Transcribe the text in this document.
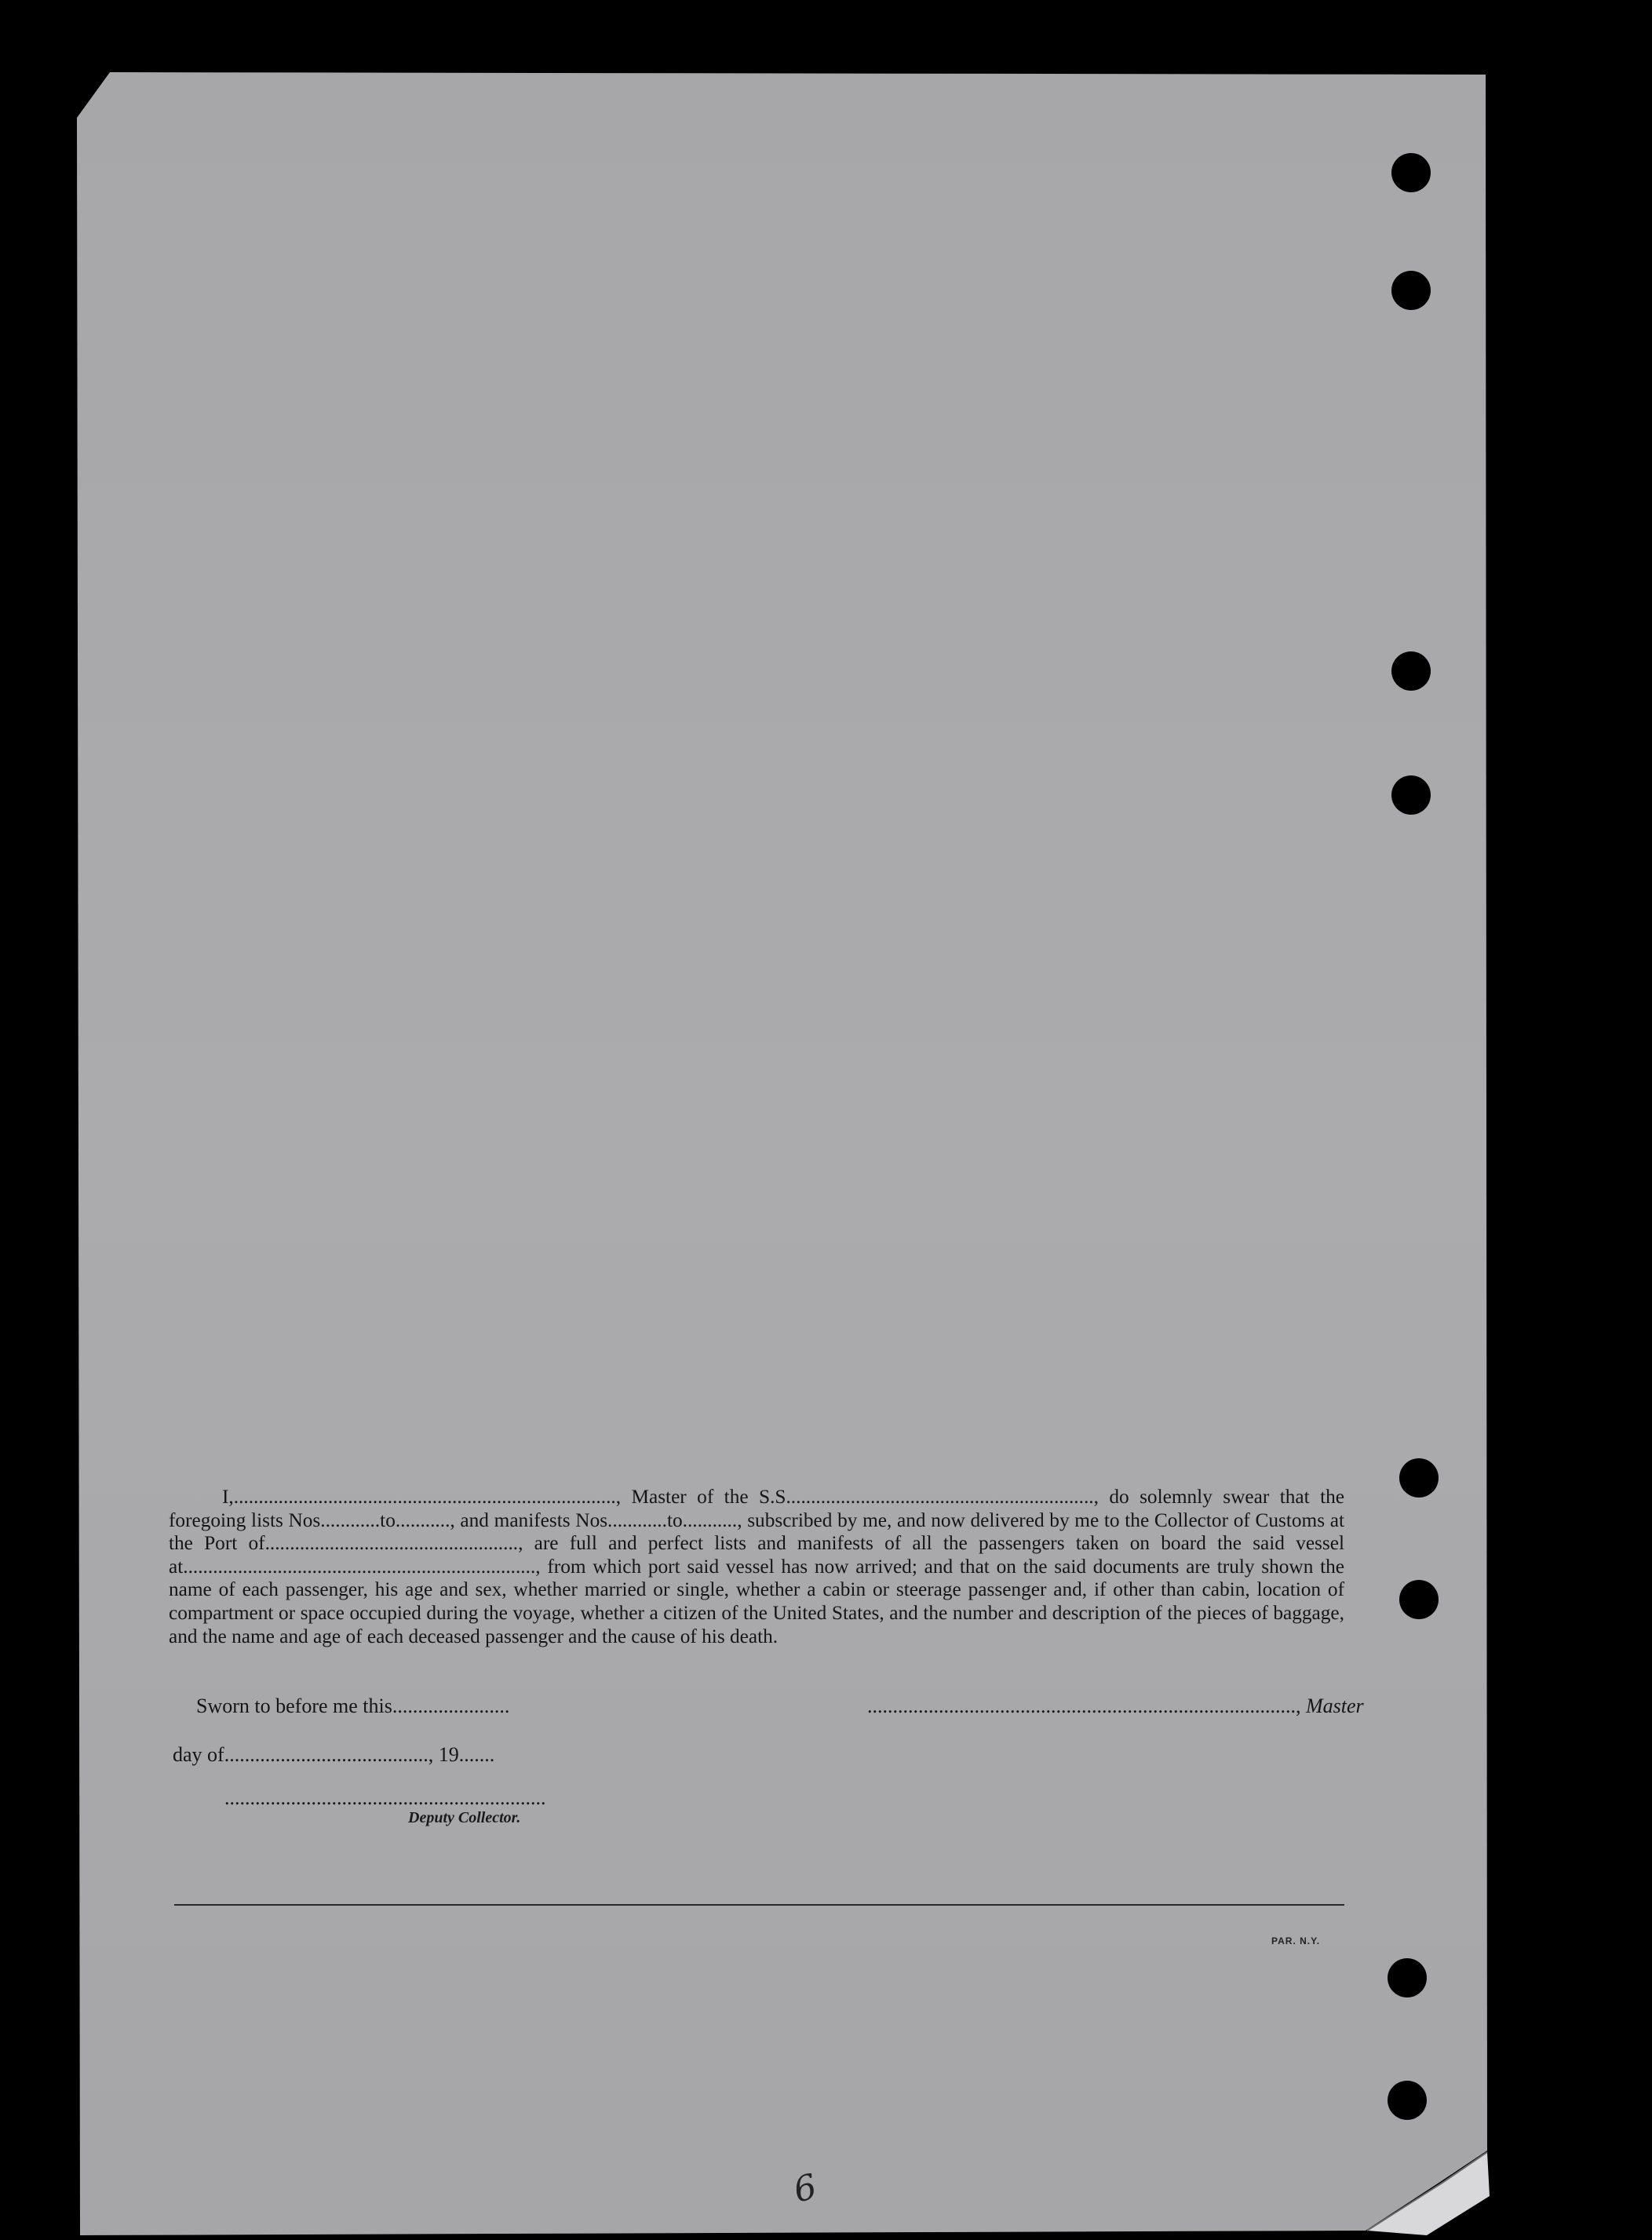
I,............................................................................., Master of the S.S.............................................................., do solemnly swear that the foregoing lists Nos............to..........., and manifests Nos............to..........., subscribed by me, and now delivered by me to the Collector of Customs at the Port of..................................................., are full and perfect lists and manifests of all the passengers taken on board the said vessel at......................................................................., from which port said vessel has now arrived; and that on the said documents are truly shown the name of each passenger, his age and sex, whether married or single, whether a cabin or steerage passenger and, if other than cabin, location of compartment or space occupied during the voyage, whether a citizen of the United States, and the number and description of the pieces of baggage, and the name and age of each deceased passenger and the cause of his death.

Sworn to before me this.......................	...................................................................................., Master

day of........................................, 19.......

...............................................................

Deputy Collector.
PAR. N.Y.
6
